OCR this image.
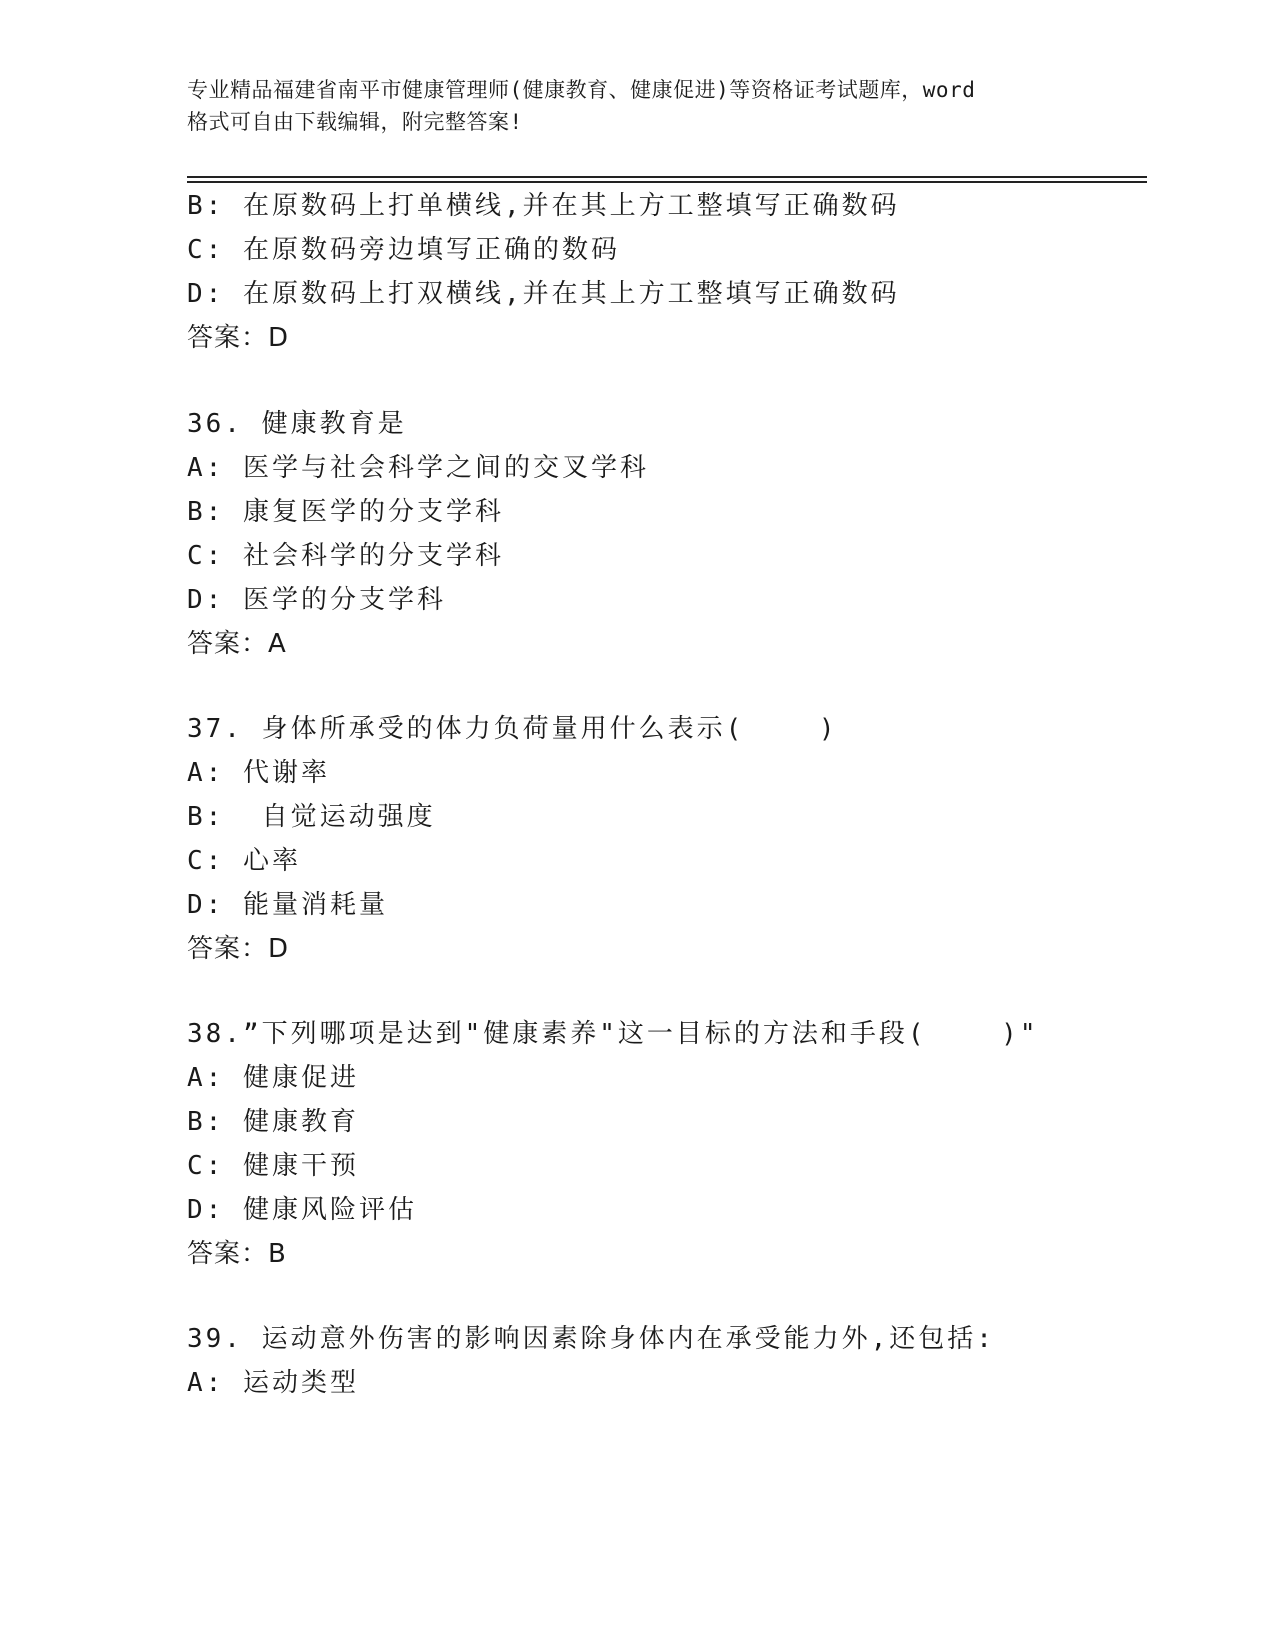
专业精品福建省南平市健康管理师(健康教育、健康促进)等资格证考试题库，word
格式可自由下载编辑，附完整答案!
B: 在原数码上打单横线,并在其上方工整填写正确数码
C: 在原数码旁边填写正确的数码
D: 在原数码上打双横线,并在其上方工整填写正确数码
答案：D
36. 健康教育是
A: 医学与社会科学之间的交叉学科
B: 康复医学的分支学科
C: 社会科学的分支学科
D: 医学的分支学科
答案：A
37. 身体所承受的体力负荷量用什么表示(    )
A: 代谢率
B:  自觉运动强度
C: 心率
D: 能量消耗量
答案：D
38.”下列哪项是达到"健康素养"这一目标的方法和手段(    )"
A: 健康促进
B: 健康教育
C: 健康干预
D: 健康风险评估
答案：B
39. 运动意外伤害的影响因素除身体内在承受能力外,还包括:
A: 运动类型
